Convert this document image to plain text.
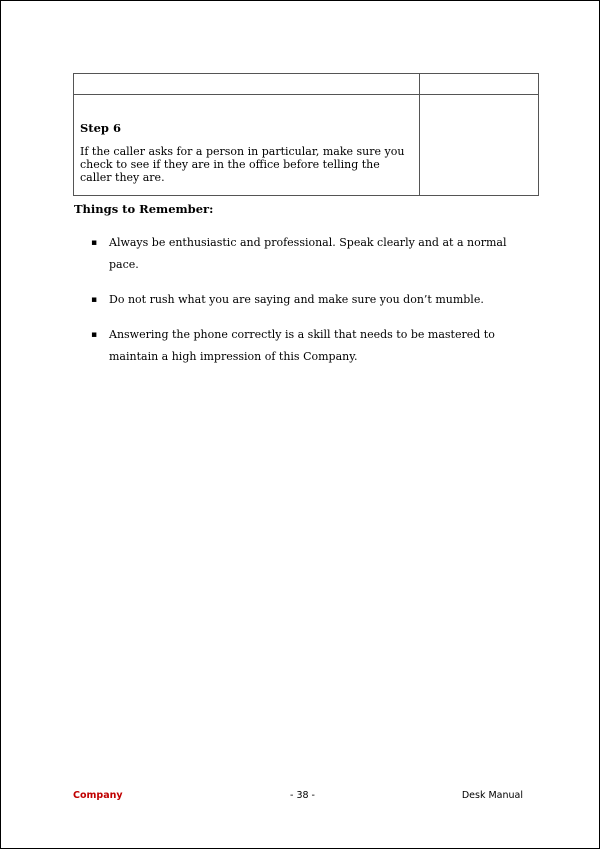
Step 6

If the caller asks for a person in particular, make sure you check to see if they are in the office before telling the caller they are.	

Things to Remember:

▪ Always be enthusiastic and professional. Speak clearly and at a normal pace.
▪ Do not rush what you are saying and make sure you don’t mumble.
▪ Answering the phone correctly is a skill that needs to be mastered to maintain a high impression of this Company.
Company	- 38 -	Desk Manual
